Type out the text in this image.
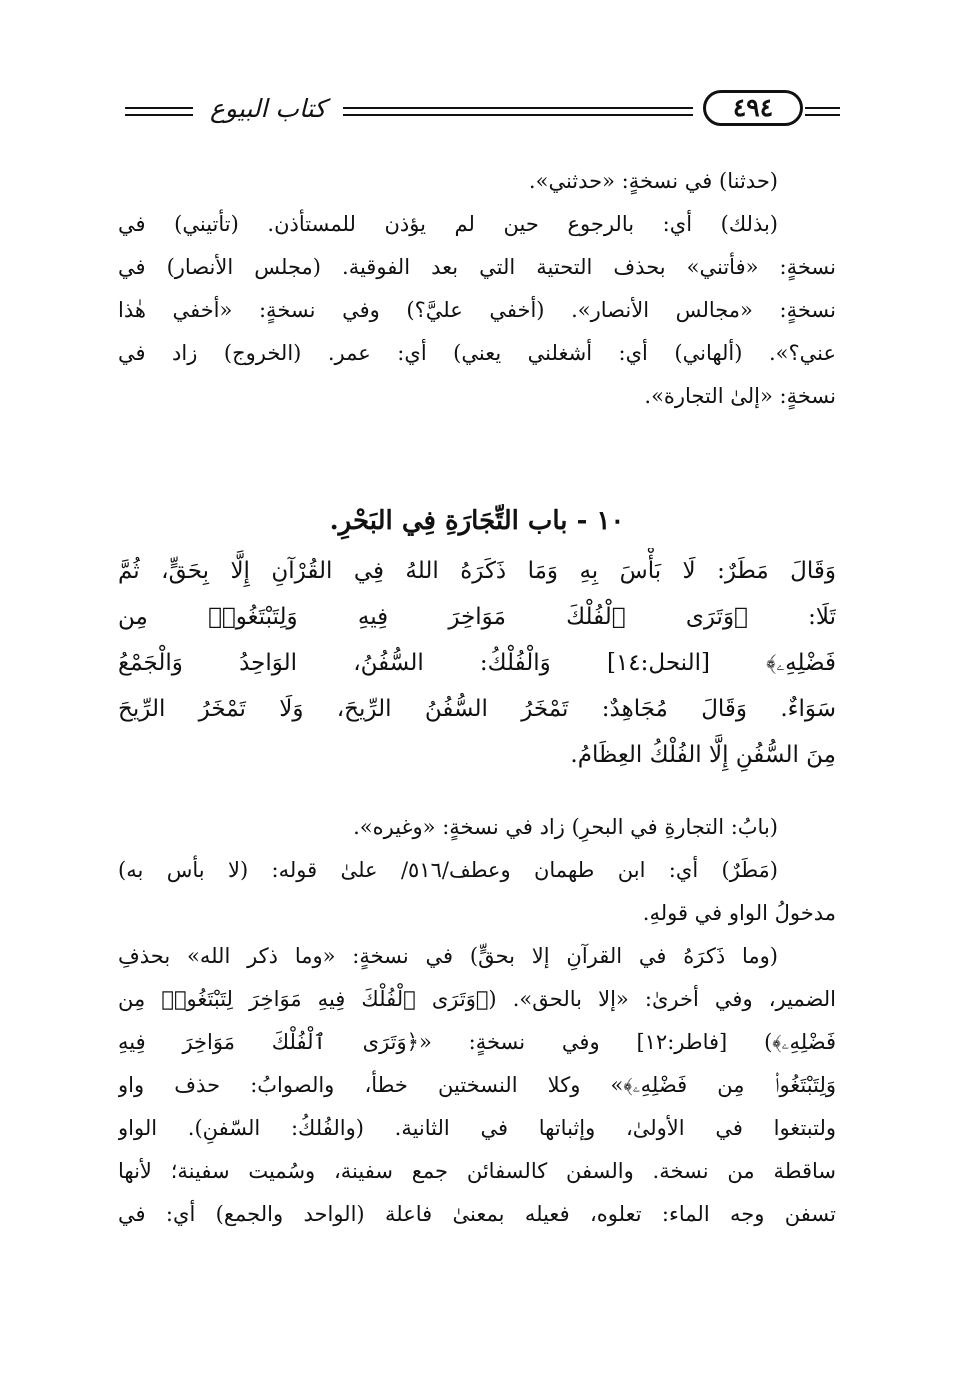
كتاب البيوع	٤٩٤
(حدثنا) في نسخةٍ: «حدثني».
(بذلك) أي: بالرجوع حين لم يؤذن للمستأذن. (تأتيني) في
نسخةٍ: «فأتني» بحذف التحتية التي بعد الفوقية. (مجلس الأنصار) في
نسخةٍ: «مجالس الأنصار». (أخفي عليَّ؟) وفي نسخةٍ: «أخفي هٰذا
عني؟». (ألهاني) أي: أشغلني يعني) أي: عمر. (الخروج) زاد في
نسخةٍ: «إلىٰ التجارة».
١٠ - باب التِّجَارَةِ فِي البَحْرِ.
وَقَالَ مَطَرٌ: لَا بَأْسَ بِهِ وَمَا ذَكَرَهُ اللهُ فِي القُرْآنِ إِلَّا بِحَقٍّ، ثُمَّ
تَلَا: ﴿وَتَرَى ٱلْفُلْكَ مَوَاخِرَ فِيهِ وَلِتَبْتَغُوا۟ مِن
فَضْلِهِۦ﴾ [النحل:١٤] وَالْفُلْكُ: السُّفُنُ، الوَاحِدُ وَالْجَمْعُ
سَوَاءٌ. وَقَالَ مُجَاهِدٌ: تَمْخَرُ السُّفُنُ الرِّيحَ، وَلَا تَمْخَرُ الرِّيحَ
مِنَ السُّفُنِ إِلَّا الفُلْكُ العِظَامُ.
(بابُ: التجارةِ في البحرِ) زاد في نسخةٍ: «وغيره».
(مَطَرٌ) أي: ابن طهمان وعطف/٥١٦/ علىٰ قوله: (لا بأس به)
مدخولُ الواو في قولهِ.
(وما ذَكرَهُ في القرآنِ إلا بحقٍّ) في نسخةٍ: «وما ذكر الله» بحذفِ
الضمير، وفي أخرىٰ: «إلا بالحق». (﴿وَتَرَى ٱلْفُلْكَ فِيهِ مَوَاخِرَ لِتَبْتَغُوا۟ مِن
فَضْلِهِۦ﴾) [فاطر:١٢] وفي نسخةٍ: «﴿وَتَرَى ٱلْفُلْكَ مَوَاخِرَ فِيهِ
وَلِتَبْتَغُوا۟ مِن فَضْلِهِۦ﴾» وكلا النسختين خطأ، والصوابُ: حذف واو
ولتبتغوا في الأولىٰ، وإثباتها في الثانية. (والفُلكُ: السّفنِ). الواو
ساقطة من نسخة. والسفن كالسفائن جمع سفينة، وسُميت سفينة؛ لأنها
تسفن وجه الماء: تعلوه، فعيله بمعنىٰ فاعلة (الواحد والجمع) أي: في
